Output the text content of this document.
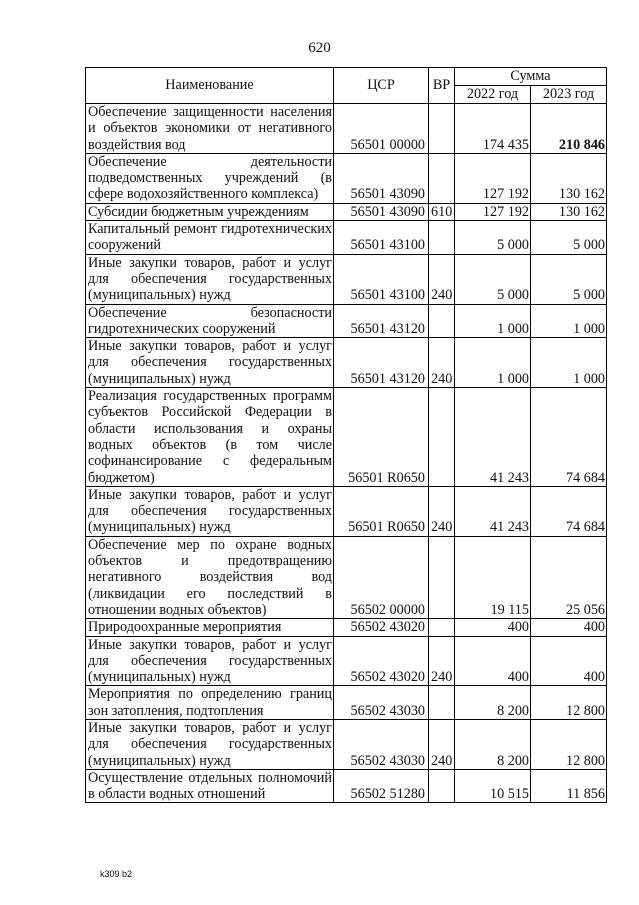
620
Наименование	ЦСР	ВР	Сумма	
			2022 год	2023 год
Обеспечение защищенности населения и объектов экономики от негативного воздействия вод	56501 00000		174 435	210 846
Обеспечение деятельности подведомственных учреждений (в сфере водохозяйственного комплекса)	56501 43090		127 192	130 162
Субсидии бюджетным учреждениям	56501 43090	610	127 192	130 162
Капитальный ремонт гидротехнических сооружений	56501 43100		5 000	5 000
Иные закупки товаров, работ и услуг для обеспечения государственных (муниципальных) нужд	56501 43100	240	5 000	5 000
Обеспечение безопасности гидротехнических сооружений	56501 43120		1 000	1 000
Иные закупки товаров, работ и услуг для обеспечения государственных (муниципальных) нужд	56501 43120	240	1 000	1 000
Реализация государственных программ субъектов Российской Федерации в области использования и охраны водных объектов (в том числе софинансирование с федеральным бюджетом)	56501 R0650		41 243	74 684
Иные закупки товаров, работ и услуг для обеспечения государственных (муниципальных) нужд	56501 R0650	240	41 243	74 684
Обеспечение мер по охране водных объектов и предотвращению негативного воздействия вод (ликвидации его последствий в отношении водных объектов)	56502 00000		19 115	25 056
Природоохранные мероприятия	56502 43020		400	400
Иные закупки товаров, работ и услуг для обеспечения государственных (муниципальных) нужд	56502 43020	240	400	400
Мероприятия по определению границ зон затопления, подтопления	56502 43030		8 200	12 800
Иные закупки товаров, работ и услуг для обеспечения государственных (муниципальных) нужд	56502 43030	240	8 200	12 800
Осуществление отдельных полномочий в области водных отношений	56502 51280		10 515	11 856
k309 b2
